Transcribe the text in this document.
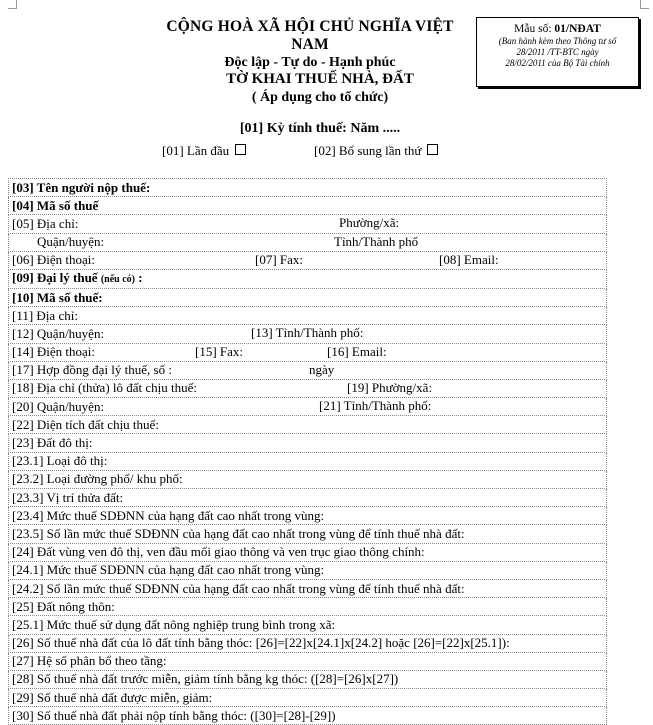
CỘNG HOÀ XÃ HỘI CHỦ NGHĨA VIỆT NAM
Độc lập - Tự do - Hạnh phúc
TỜ KHAI THUẾ NHÀ, ĐẤT
( Áp dụng cho tổ chức)
Mẫu số: 01/NĐAT
(Ban hành kèm theo Thông tư số
28/2011 /TT-BTC ngày
28/02/2011 của Bộ Tài chính
[01] Kỳ tính thuế: Năm .....
[01] Lần đầu	[02] Bổ sung lần thứ
[03] Tên người nộp thuế:
[04] Mã số thuế
[05] Địa chỉ:	Phường/xã:

Quận/huyện:	Tỉnh/Thành phố

[06] Điện thoại:	[07] Fax:	[08] Email:

[09] Đại lý thuế (nếu có) :
[10] Mã số thuế:
[11] Địa chỉ:
[12] Quận/huyện:	[13] Tỉnh/Thành phố:

[14] Điện thoại:	[15] Fax:	[16] Email:

[17] Hợp đồng đại lý thuế, số :	ngày

[18] Địa chỉ (thửa) lô đất chịu thuế:	[19] Phường/xã:

[20] Quận/huyện:	[21] Tỉnh/Thành phố:

[22] Diện tích đất chịu thuế:
[23] Đất đô thị:
[23.1] Loại đô thị:
[23.2] Loại đường phố/ khu phố:
[23.3] Vị trí thửa đất:
[23.4] Mức thuế SDĐNN của hạng đất cao nhất trong vùng:
[23.5] Số lần mức thuế SDĐNN của hạng đất cao nhất trong vùng để tính thuế nhà đất:
[24] Đất vùng ven đô thị, ven đầu mối giao thông và ven trục giao thông chính:
[24.1] Mức thuế SDĐNN của hạng đất cao nhất trong vùng:
[24.2] Số lần mức thuế SDĐNN của hạng đất cao nhất trong vùng để tính thuế nhà đất:
[25] Đất nông thôn:
[25.1] Mức thuế sử dụng đất nông nghiệp trung bình trong xã:
[26] Số thuế nhà đất của lô đất tính bằng thóc: [26]=[22]x[24.1]x[24.2] hoặc [26]=[22]x[25.1]):
[27] Hệ số phân bổ theo tầng:
[28] Số thuế nhà đất trước miễn, giảm tính bằng kg thóc: ([28]=[26]x[27])
[29] Số thuế nhà đất được miễn, giảm:
[30] Số thuế nhà đất phải nộp tính bằng thóc: ([30]=[28]-[29])
